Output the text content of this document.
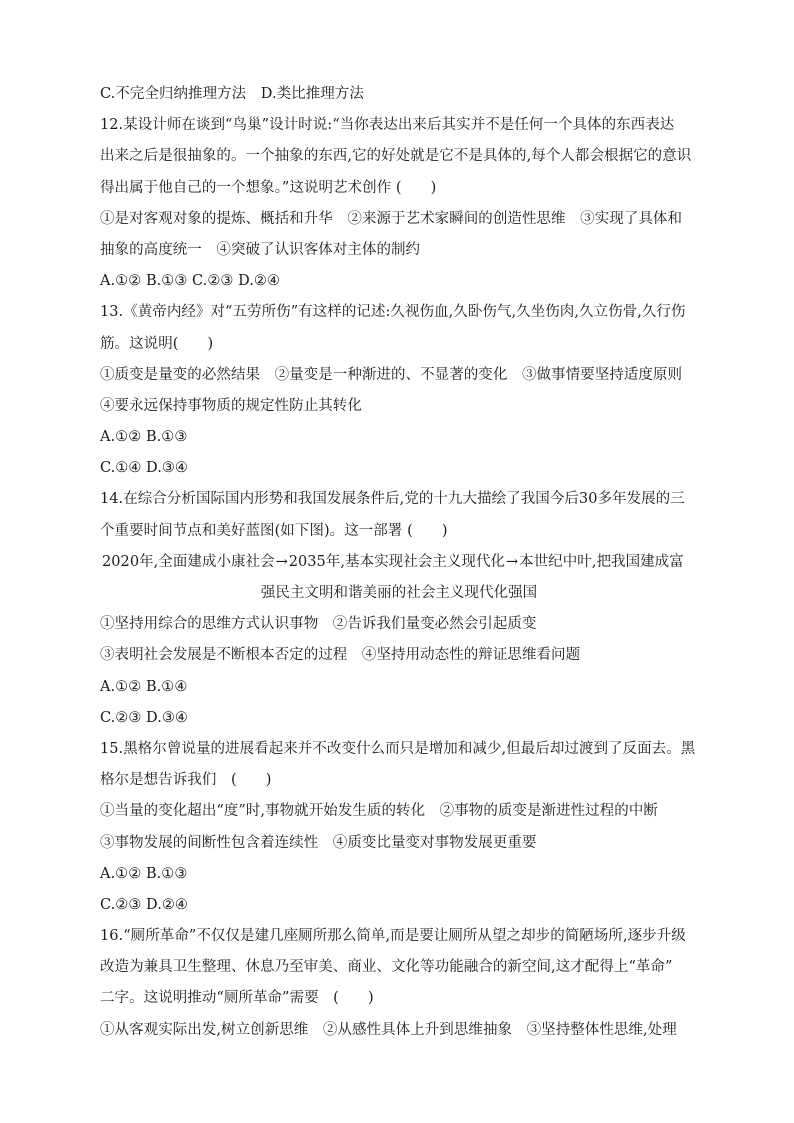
C.不完全归纳推理方法　D.类比推理方法
12.某设计师在谈到“鸟巢”设计时说:“当你表达出来后其实并不是任何一个具体的东西表达
出来之后是很抽象的。一个抽象的东西,它的好处就是它不是具体的,每个人都会根据它的意识
得出属于他自己的一个想象。”这说明艺术创作 (　　)
①是对客观对象的提炼、概括和升华　②来源于艺术家瞬间的创造性思维　③实现了具体和
抽象的高度统一　④突破了认识客体对主体的制约
A.①② B.①③ C.②③ D.②④
13.《黄帝内经》对“五劳所伤”有这样的记述:久视伤血,久卧伤气,久坐伤肉,久立伤骨,久行伤
筋。这说明(　　)
①质变是量变的必然结果　②量变是一种渐进的、不显著的变化　③做事情要坚持适度原则
④要永远保持事物质的规定性防止其转化
A.①② B.①③
C.①④ D.③④
14.在综合分析国际国内形势和我国发展条件后,党的十九大描绘了我国今后30多年发展的三
个重要时间节点和美好蓝图(如下图)。这一部署 (　　)
2020年,全面建成小康社会→2035年,基本实现社会主义现代化→本世纪中叶,把我国建成富
强民主文明和谐美丽的社会主义现代化强国
①坚持用综合的思维方式认识事物　②告诉我们量变必然会引起质变
③表明社会发展是不断根本否定的过程　④坚持用动态性的辩证思维看问题
A.①② B.①④
C.②③ D.③④
15.黑格尔曾说量的进展看起来并不改变什么而只是增加和减少,但最后却过渡到了反面去。黑
格尔是想告诉我们　(　　)
①当量的变化超出“度”时,事物就开始发生质的转化　②事物的质变是渐进性过程的中断
③事物发展的间断性包含着连续性　④质变比量变对事物发展更重要
A.①② B.①③
C.②③ D.②④
16.“厕所革命”不仅仅是建几座厕所那么简单,而是要让厕所从望之却步的简陋场所,逐步升级
改造为兼具卫生整理、休息乃至审美、商业、文化等功能融合的新空间,这才配得上“革命”
二字。这说明推动“厕所革命”需要　(　　)
①从客观实际出发,树立创新思维　②从感性具体上升到思维抽象　③坚持整体性思维,处理
